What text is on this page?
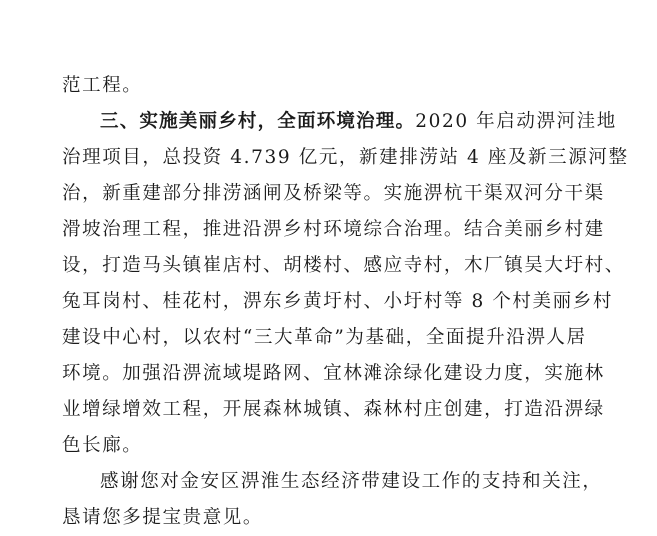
范工程。
三、实施美丽乡村，全面环境治理。2020 年启动淠河洼地
治理项目，总投资 4.739 亿元，新建排涝站 4 座及新三源河整
治，新重建部分排涝涵闸及桥梁等。实施淠杭干渠双河分干渠
滑坡治理工程，推进沿淠乡村环境综合治理。结合美丽乡村建
设，打造马头镇崔店村、胡楼村、感应寺村，木厂镇吴大圩村、
兔耳岗村、桂花村，淠东乡黄圩村、小圩村等 8 个村美丽乡村
建设中心村，以农村“三大革命”为基础，全面提升沿淠人居
环境。加强沿淠流域堤路网、宜林滩涂绿化建设力度，实施林
业增绿增效工程，开展森林城镇、森林村庄创建，打造沿淠绿
色长廊。
感谢您对金安区淠淮生态经济带建设工作的支持和关注，
恳请您多提宝贵意见。
